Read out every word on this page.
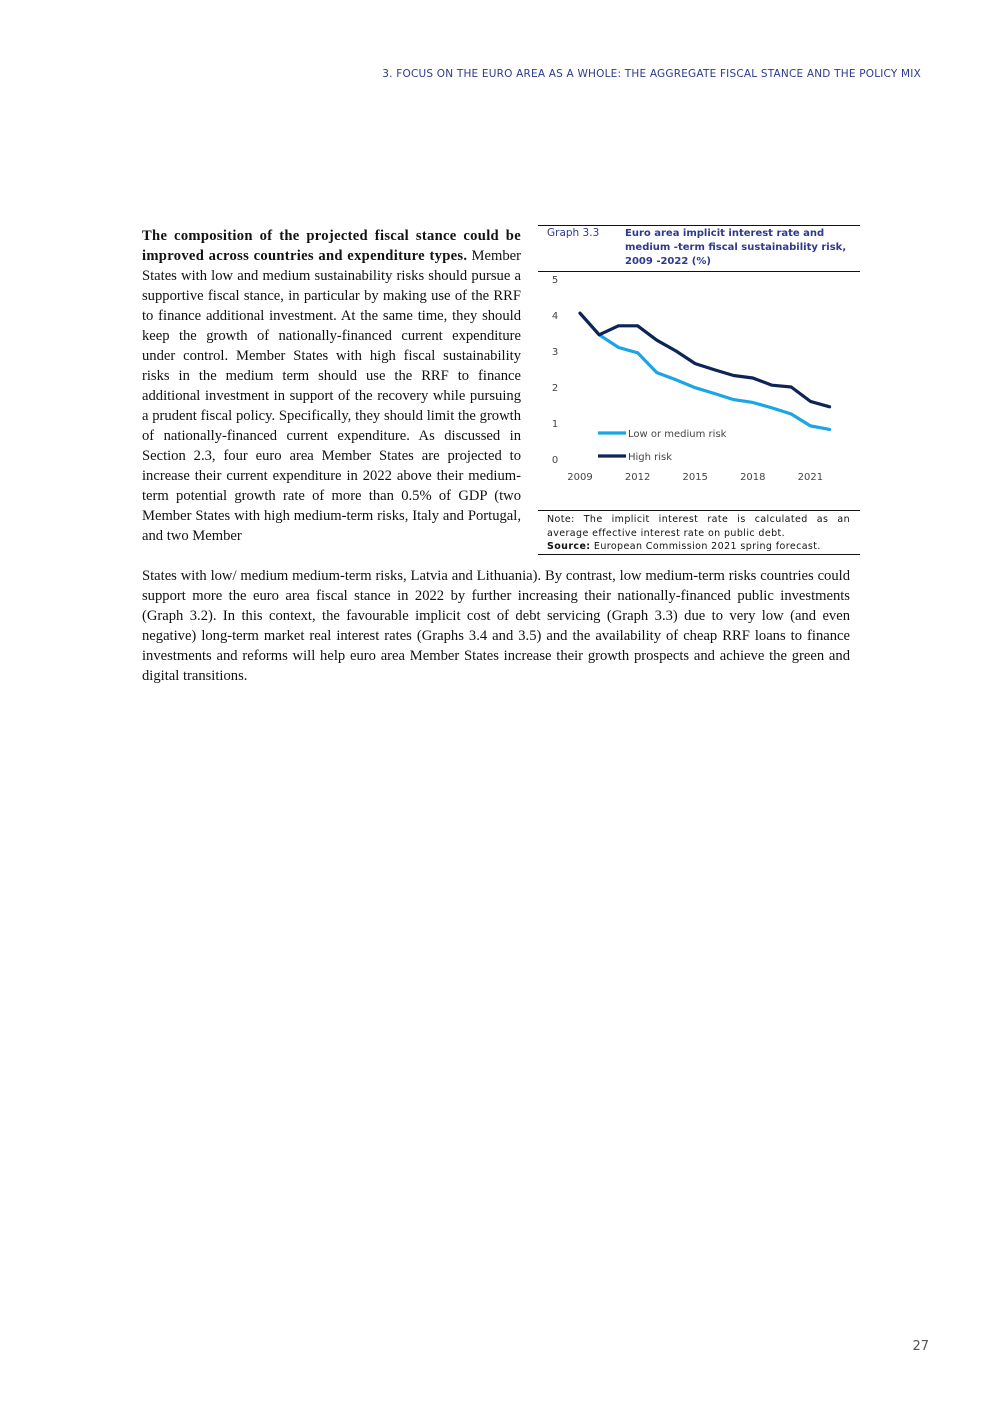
3. FOCUS ON THE EURO AREA AS A WHOLE: THE AGGREGATE FISCAL STANCE AND THE POLICY MIX
The composition of the projected fiscal stance could be improved across countries and expenditure types. Member States with low and medium sustainability risks should pursue a supportive fiscal stance, in particular by making use of the RRF to finance additional investment. At the same time, they should keep the growth of nationally-financed current expenditure under control. Member States with high fiscal sustainability risks in the medium term should use the RRF to finance additional investment in support of the recovery while pursuing a prudent fiscal policy. Specifically, they should limit the growth of nationally-financed current expenditure. As discussed in Section 2.3, four euro area Member States are projected to increase their current expenditure in 2022 above their medium-term potential growth rate of more than 0.5% of GDP (two Member States with high medium-term risks, Italy and Portugal, and two Member
Graph 3.3	Euro area implicit interest rate and medium -term fiscal sustainability risk, 2009 -2022 (%)
0
1
2
3
4
5
2009	2012	2015	2018	2021
Low or medium risk
High risk
Note: The implicit interest rate is calculated as an average effective interest rate on public debt.
Source: European Commission 2021 spring forecast.
States with low/ medium medium-term risks, Latvia and Lithuania). By contrast, low medium-term risks countries could support more the euro area fiscal stance in 2022 by further increasing their nationally-financed public investments (Graph 3.2). In this context, the favourable implicit cost of debt servicing (Graph 3.3) due to very low (and even negative) long-term market real interest rates (Graphs 3.4 and 3.5) and the availability of cheap RRF loans to finance investments and reforms will help euro area Member States increase their growth prospects and achieve the green and digital transitions.
27
